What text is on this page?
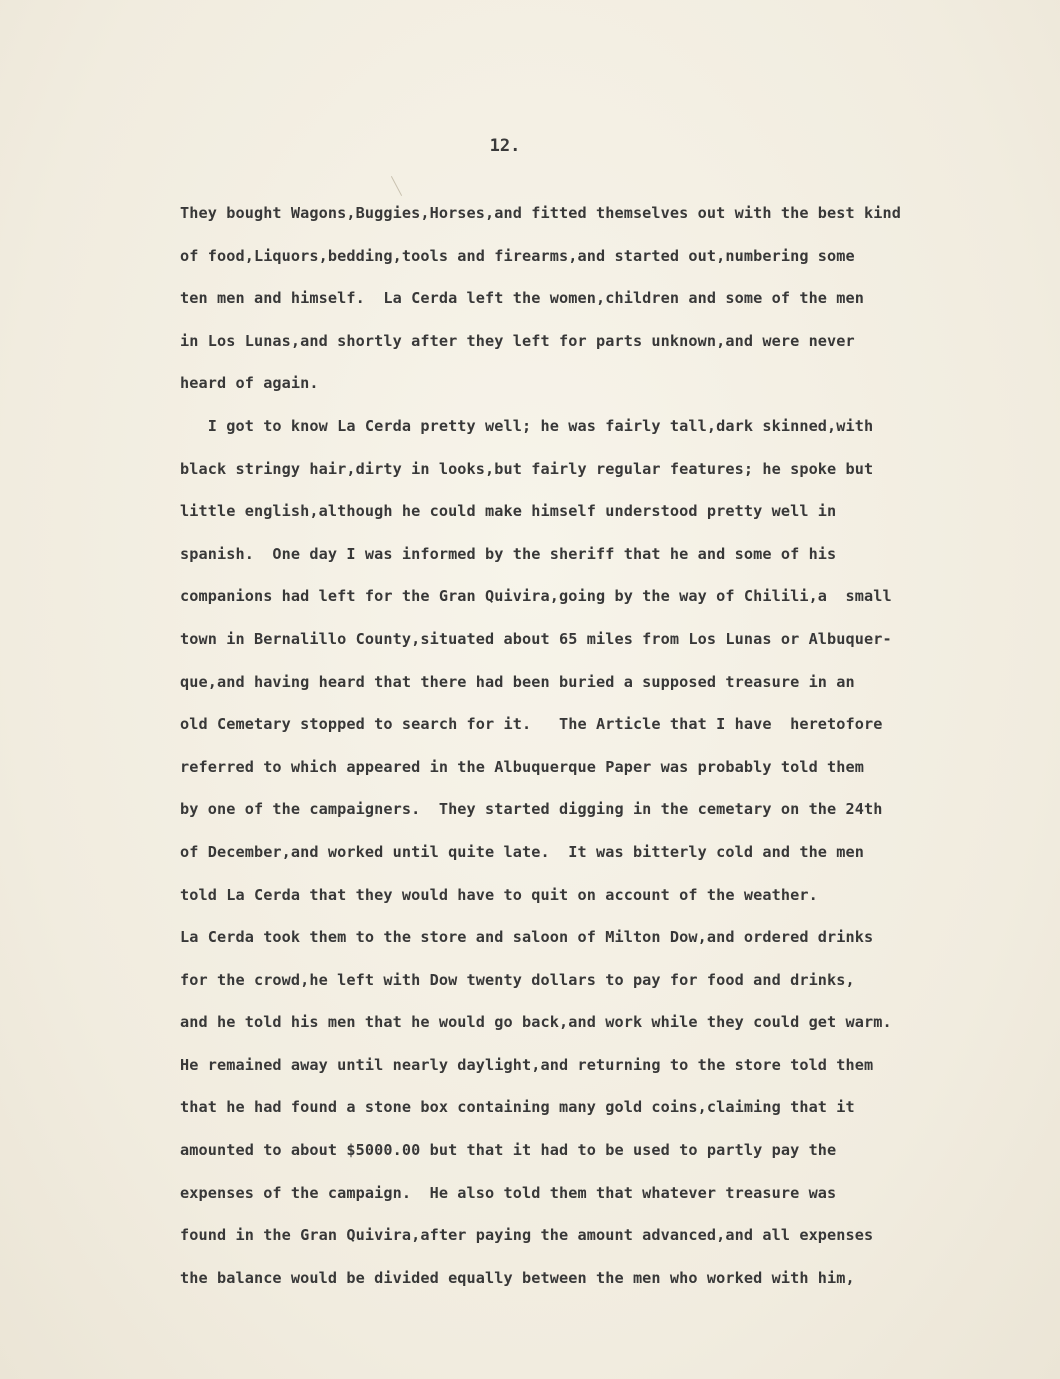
12.
They bought Wagons,Buggies,Horses,and fitted themselves out with the best kind
of food,Liquors,bedding,tools and firearms,and started out,numbering some
ten men and himself.  La Cerda left the women,children and some of the men
in Los Lunas,and shortly after they left for parts unknown,and were never
heard of again.
I got to know La Cerda pretty well; he was fairly tall,dark skinned,with
black stringy hair,dirty in looks,but fairly regular features; he spoke but
little english,although he could make himself understood pretty well in
spanish.  One day I was informed by the sheriff that he and some of his
companions had left for the Gran Quivira,going by the way of Chilili,a  small
town in Bernalillo County,situated about 65 miles from Los Lunas or Albuquer-
que,and having heard that there had been buried a supposed treasure in an
old Cemetary stopped to search for it.   The Article that I have  heretofore
referred to which appeared in the Albuquerque Paper was probably told them
by one of the campaigners.  They started digging in the cemetary on the 24th
of December,and worked until quite late.  It was bitterly cold and the men
told La Cerda that they would have to quit on account of the weather.
La Cerda took them to the store and saloon of Milton Dow,and ordered drinks
for the crowd,he left with Dow twenty dollars to pay for food and drinks,
and he told his men that he would go back,and work while they could get warm.
He remained away until nearly daylight,and returning to the store told them
that he had found a stone box containing many gold coins,claiming that it
amounted to about $5000.00 but that it had to be used to partly pay the
expenses of the campaign.  He also told them that whatever treasure was
found in the Gran Quivira,after paying the amount advanced,and all expenses
the balance would be divided equally between the men who worked with him,
